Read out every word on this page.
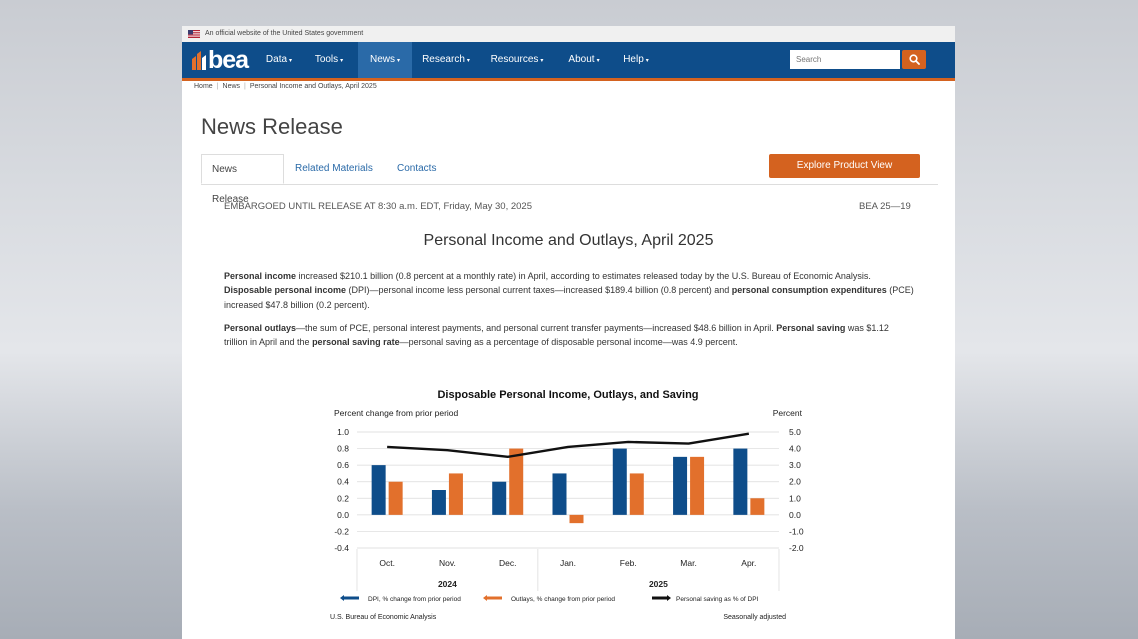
An official website of the United States government
bea	Data ▾	Tools ▾	News ▾	Research ▾	Resources ▾	About ▾	Help ▾
Search
Home | News | Personal Income and Outlays, April 2025
News Release
News Release
Related Materials	Contacts	Explore Product View
EMBARGOED UNTIL RELEASE AT 8:30 a.m. EDT, Friday, May 30, 2025	BEA 25—19
Personal Income and Outlays, April 2025

Personal income increased $210.1 billion (0.8 percent at a monthly rate) in April, according to estimates released today by the U.S. Bureau of Economic Analysis. Disposable personal income (DPI)—personal income less personal current taxes—increased $189.4 billion (0.8 percent) and personal consumption expenditures (PCE) increased $47.8 billion (0.2 percent).

Personal outlays—the sum of PCE, personal interest payments, and personal current transfer payments—increased $48.6 billion in April. Personal saving was $1.12 trillion in April and the personal saving rate—personal saving as a percentage of disposable personal income—was 4.9 percent.

Disposable Personal Income, Outlays, and Saving
Percent change from prior period	Percent
1.0
0.8
0.6
0.4
0.2
0.0
-0.2
-0.4
5.0
4.0
3.0
2.0
1.0
0.0
-1.0
-2.0
Oct.	Nov.	Dec.	Jan.	Feb.	Mar.	Apr.
2024	2025
DPI, % change from prior period	Outlays, % change from prior period	Personal saving as % of DPI
U.S. Bureau of Economic Analysis	Seasonally adjusted
